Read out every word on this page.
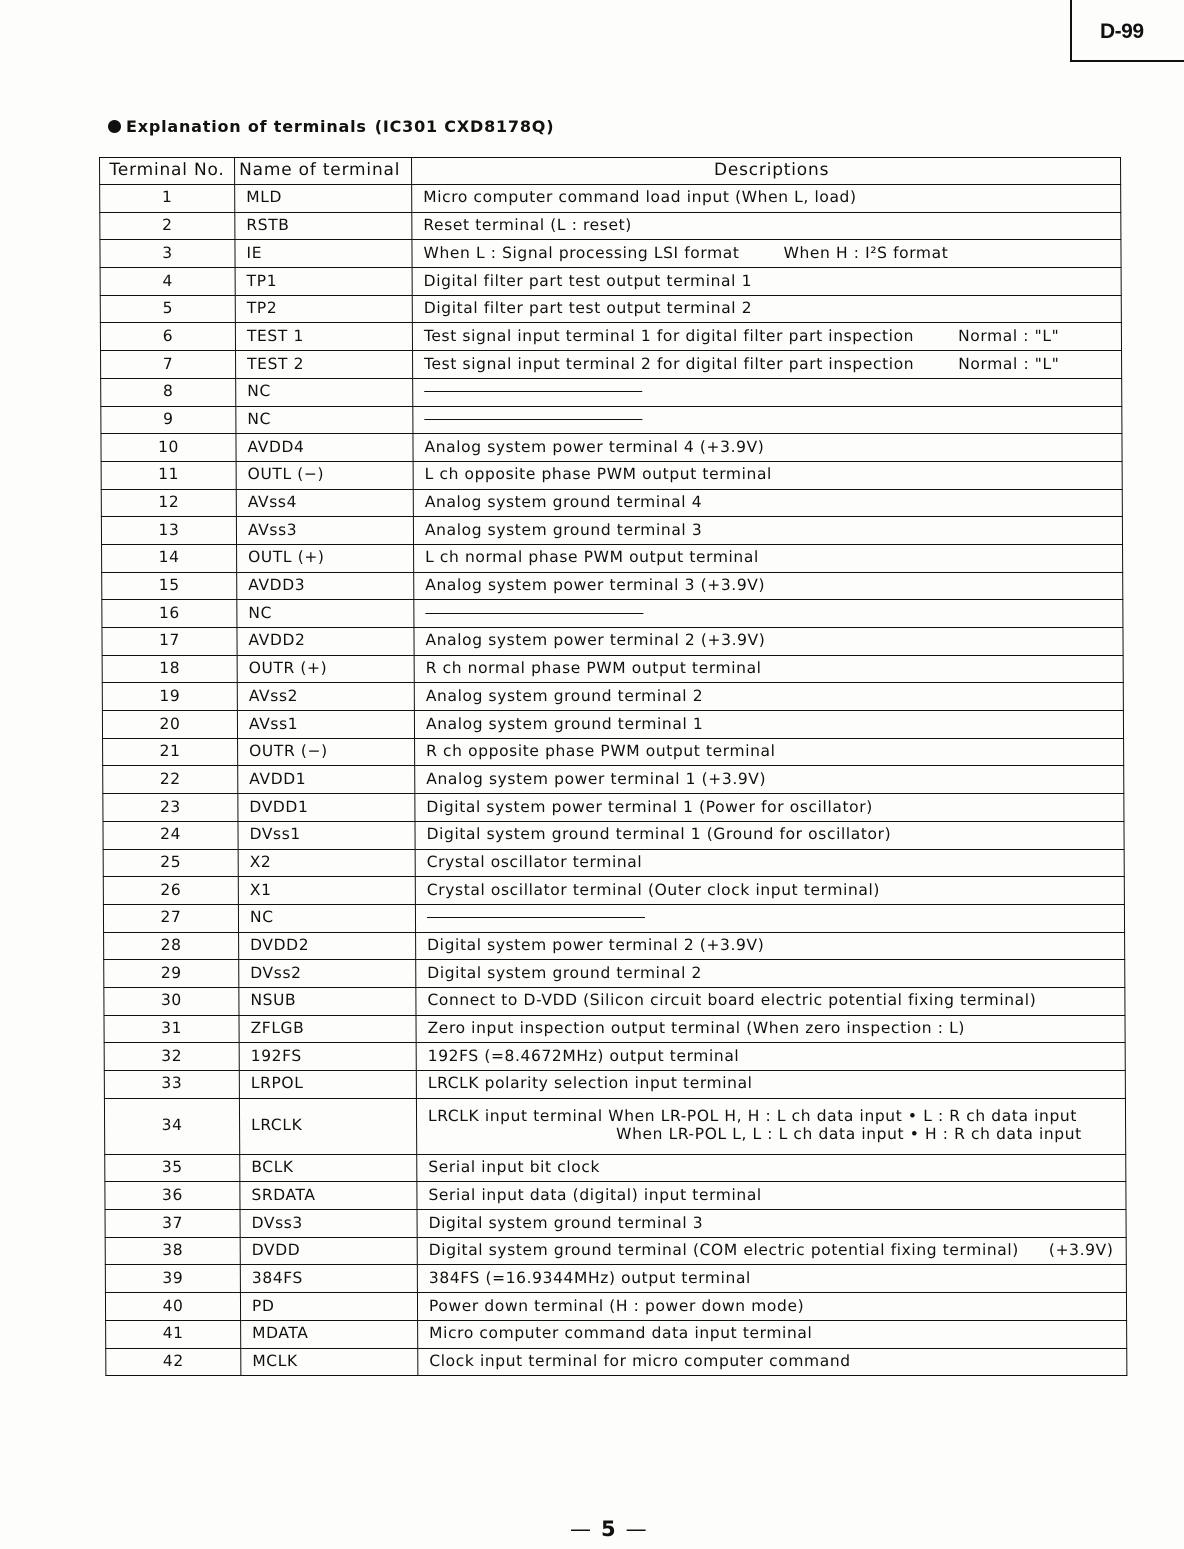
D-99
Explanation of terminals (IC301 CXD8178Q)
Terminal No.	Name of terminal	Descriptions
1	MLD	Micro computer command load input (When L, load)
2	RSTB	Reset terminal (L : reset)
3	IE	When L : Signal processing LSI format When H : I²S format
4	TP1	Digital filter part test output terminal 1
5	TP2	Digital filter part test output terminal 2
6	TEST 1	Test signal input terminal 1 for digital filter part inspection Normal : "L"
7	TEST 2	Test signal input terminal 2 for digital filter part inspection Normal : "L"
8	NC	
9	NC	
10	AVDD4	Analog system power terminal 4 (+3.9V)
11	OUTL (−)	L ch opposite phase PWM output terminal
12	AVss4	Analog system ground terminal 4
13	AVss3	Analog system ground terminal 3
14	OUTL (+)	L ch normal phase PWM output terminal
15	AVDD3	Analog system power terminal 3 (+3.9V)
16	NC	
17	AVDD2	Analog system power terminal 2 (+3.9V)
18	OUTR (+)	R ch normal phase PWM output terminal
19	AVss2	Analog system ground terminal 2
20	AVss1	Analog system ground terminal 1
21	OUTR (−)	R ch opposite phase PWM output terminal
22	AVDD1	Analog system power terminal 1 (+3.9V)
23	DVDD1	Digital system power terminal 1 (Power for oscillator)
24	DVss1	Digital system ground terminal 1 (Ground for oscillator)
25	X2	Crystal oscillator terminal
26	X1	Crystal oscillator terminal (Outer clock input terminal)
27	NC	
28	DVDD2	Digital system power terminal 2 (+3.9V)
29	DVss2	Digital system ground terminal 2
30	NSUB	Connect to D-VDD (Silicon circuit board electric potential fixing terminal)
31	ZFLGB	Zero input inspection output terminal (When zero inspection : L)
32	192FS	192FS (=8.4672MHz) output terminal
33	LRPOL	LRCLK polarity selection input terminal
34	LRCLK	LRCLK input terminal When LR-POL H, H : L ch data input • L : R ch data input
When LR-POL L, L : L ch data input • H : R ch data input

35	BCLK	Serial input bit clock
36	SRDATA	Serial input data (digital) input terminal
37	DVss3	Digital system ground terminal 3
38	DVDD	Digital system ground terminal (COM electric potential fixing terminal) (+3.9V)
39	384FS	384FS (=16.9344MHz) output terminal
40	PD	Power down terminal (H : power down mode)
41	MDATA	Micro computer command data input terminal
42	MCLK	Clock input terminal for micro computer command
— 5 —
